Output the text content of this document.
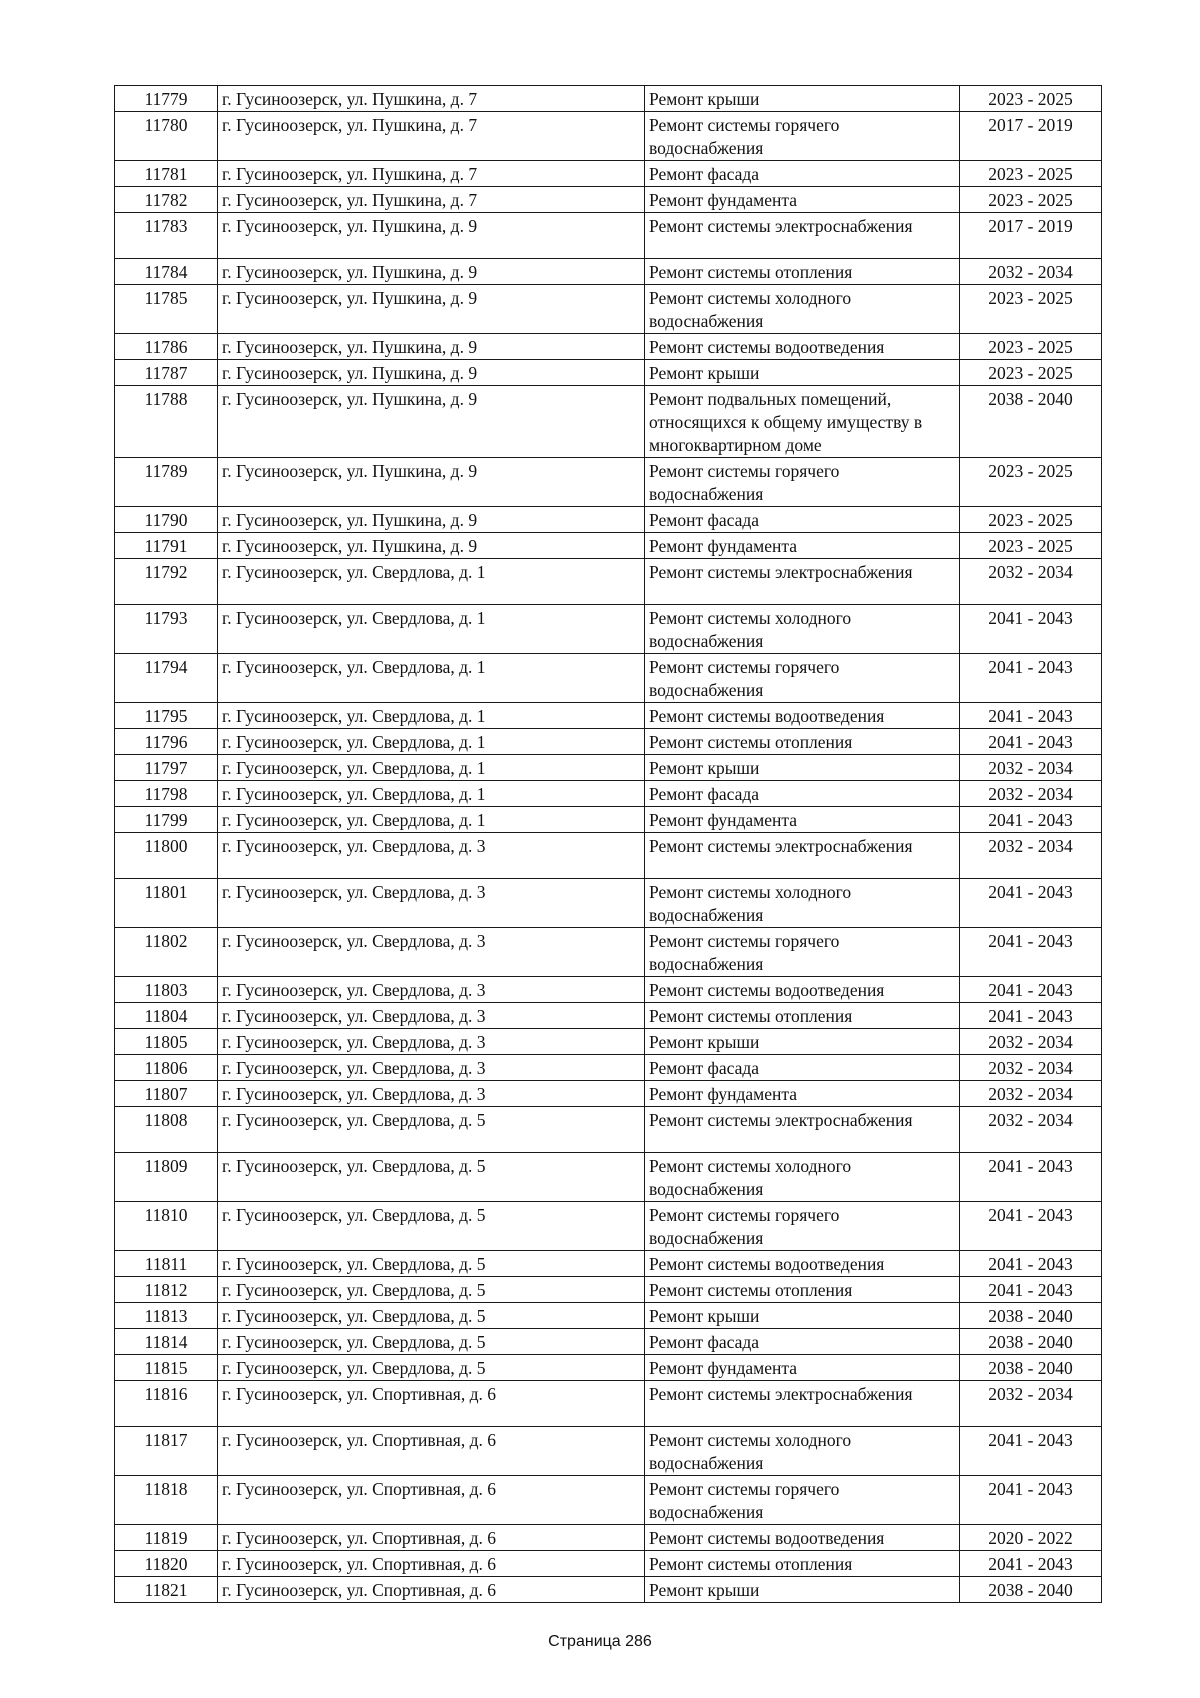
11779	г. Гусиноозерск, ул. Пушкина, д. 7	Ремонт крыши	2023 - 2025
11780	г. Гусиноозерск, ул. Пушкина, д. 7	Ремонт системы горячего водоснабжения	2017 - 2019
11781	г. Гусиноозерск, ул. Пушкина, д. 7	Ремонт фасада	2023 - 2025
11782	г. Гусиноозерск, ул. Пушкина, д. 7	Ремонт фундамента	2023 - 2025
11783	г. Гусиноозерск, ул. Пушкина, д. 9	Ремонт системы электроснабжения	2017 - 2019
11784	г. Гусиноозерск, ул. Пушкина, д. 9	Ремонт системы отопления	2032 - 2034
11785	г. Гусиноозерск, ул. Пушкина, д. 9	Ремонт системы холодного водоснабжения	2023 - 2025
11786	г. Гусиноозерск, ул. Пушкина, д. 9	Ремонт системы водоотведения	2023 - 2025
11787	г. Гусиноозерск, ул. Пушкина, д. 9	Ремонт крыши	2023 - 2025
11788	г. Гусиноозерск, ул. Пушкина, д. 9	Ремонт подвальных помещений, относящихся к общему имуществу в многоквартирном доме	2038 - 2040
11789	г. Гусиноозерск, ул. Пушкина, д. 9	Ремонт системы горячего водоснабжения	2023 - 2025
11790	г. Гусиноозерск, ул. Пушкина, д. 9	Ремонт фасада	2023 - 2025
11791	г. Гусиноозерск, ул. Пушкина, д. 9	Ремонт фундамента	2023 - 2025
11792	г. Гусиноозерск, ул. Свердлова, д. 1	Ремонт системы электроснабжения	2032 - 2034
11793	г. Гусиноозерск, ул. Свердлова, д. 1	Ремонт системы холодного водоснабжения	2041 - 2043
11794	г. Гусиноозерск, ул. Свердлова, д. 1	Ремонт системы горячего водоснабжения	2041 - 2043
11795	г. Гусиноозерск, ул. Свердлова, д. 1	Ремонт системы водоотведения	2041 - 2043
11796	г. Гусиноозерск, ул. Свердлова, д. 1	Ремонт системы отопления	2041 - 2043
11797	г. Гусиноозерск, ул. Свердлова, д. 1	Ремонт крыши	2032 - 2034
11798	г. Гусиноозерск, ул. Свердлова, д. 1	Ремонт фасада	2032 - 2034
11799	г. Гусиноозерск, ул. Свердлова, д. 1	Ремонт фундамента	2041 - 2043
11800	г. Гусиноозерск, ул. Свердлова, д. 3	Ремонт системы электроснабжения	2032 - 2034
11801	г. Гусиноозерск, ул. Свердлова, д. 3	Ремонт системы холодного водоснабжения	2041 - 2043
11802	г. Гусиноозерск, ул. Свердлова, д. 3	Ремонт системы горячего водоснабжения	2041 - 2043
11803	г. Гусиноозерск, ул. Свердлова, д. 3	Ремонт системы водоотведения	2041 - 2043
11804	г. Гусиноозерск, ул. Свердлова, д. 3	Ремонт системы отопления	2041 - 2043
11805	г. Гусиноозерск, ул. Свердлова, д. 3	Ремонт крыши	2032 - 2034
11806	г. Гусиноозерск, ул. Свердлова, д. 3	Ремонт фасада	2032 - 2034
11807	г. Гусиноозерск, ул. Свердлова, д. 3	Ремонт фундамента	2032 - 2034
11808	г. Гусиноозерск, ул. Свердлова, д. 5	Ремонт системы электроснабжения	2032 - 2034
11809	г. Гусиноозерск, ул. Свердлова, д. 5	Ремонт системы холодного водоснабжения	2041 - 2043
11810	г. Гусиноозерск, ул. Свердлова, д. 5	Ремонт системы горячего водоснабжения	2041 - 2043
11811	г. Гусиноозерск, ул. Свердлова, д. 5	Ремонт системы водоотведения	2041 - 2043
11812	г. Гусиноозерск, ул. Свердлова, д. 5	Ремонт системы отопления	2041 - 2043
11813	г. Гусиноозерск, ул. Свердлова, д. 5	Ремонт крыши	2038 - 2040
11814	г. Гусиноозерск, ул. Свердлова, д. 5	Ремонт фасада	2038 - 2040
11815	г. Гусиноозерск, ул. Свердлова, д. 5	Ремонт фундамента	2038 - 2040
11816	г. Гусиноозерск, ул. Спортивная, д. 6	Ремонт системы электроснабжения	2032 - 2034
11817	г. Гусиноозерск, ул. Спортивная, д. 6	Ремонт системы холодного водоснабжения	2041 - 2043
11818	г. Гусиноозерск, ул. Спортивная, д. 6	Ремонт системы горячего водоснабжения	2041 - 2043
11819	г. Гусиноозерск, ул. Спортивная, д. 6	Ремонт системы водоотведения	2020 - 2022
11820	г. Гусиноозерск, ул. Спортивная, д. 6	Ремонт системы отопления	2041 - 2043
11821	г. Гусиноозерск, ул. Спортивная, д. 6	Ремонт крыши	2038 - 2040
Страница 286
